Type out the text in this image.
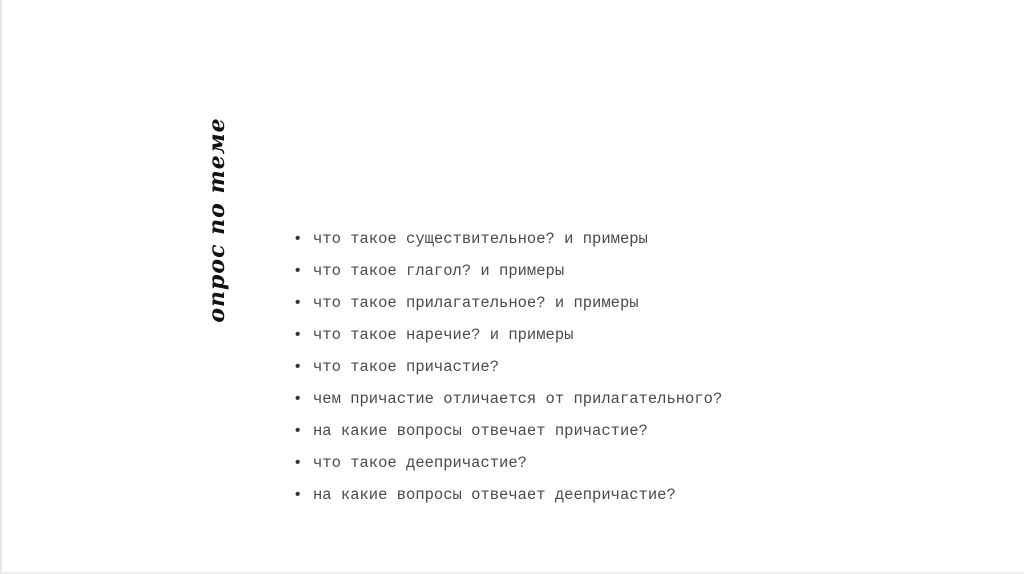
опрос по теме	• что такое существительное? и примеры
• что такое глагол? и примеры
• что такое прилагательное? и примеры
• что такое наречие? и примеры
• что такое причастие?
• чем причастие отличается от прилагательного?
• на какие вопросы отвечает причастие?
• что такое деепричастие?
• на какие вопросы отвечает деепричастие?
